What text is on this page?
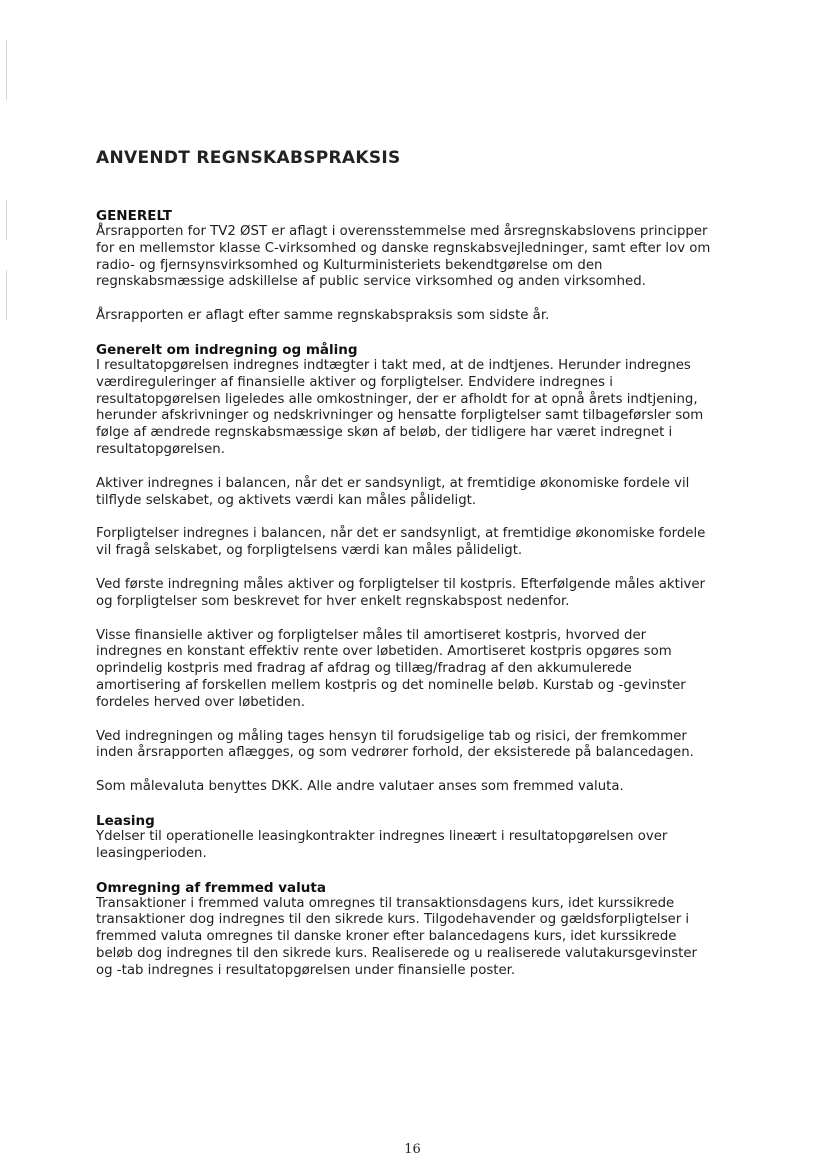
ANVENDT REGNSKABSPRAKSIS
GENERELT

Årsrapporten for TV2 ØST er aflagt i overensstemmelse med årsregnskabslovens principper
for en mellemstor klasse C-virksomhed og danske regnskabsvejledninger, samt efter lov om
radio- og fjernsynsvirksomhed og Kulturministeriets bekendtgørelse om den
regnskabsmæssige adskillelse af public service virksomhed og anden virksomhed.

Årsrapporten er aflagt efter samme regnskabspraksis som sidste år.

Generelt om indregning og måling

I resultatopgørelsen indregnes indtægter i takt med, at de indtjenes. Herunder indregnes
værdireguleringer af finansielle aktiver og forpligtelser. Endvidere indregnes i
resultatopgørelsen ligeledes alle omkostninger, der er afholdt for at opnå årets indtjening,
herunder afskrivninger og nedskrivninger og hensatte forpligtelser samt tilbageførsler som
følge af ændrede regnskabsmæssige skøn af beløb, der tidligere har været indregnet i
resultatopgørelsen.

Aktiver indregnes i balancen, når det er sandsynligt, at fremtidige økonomiske fordele vil
tilflyde selskabet, og aktivets værdi kan måles pålideligt.

Forpligtelser indregnes i balancen, når det er sandsynligt, at fremtidige økonomiske fordele
vil fragå selskabet, og forpligtelsens værdi kan måles pålideligt.

Ved første indregning måles aktiver og forpligtelser til kostpris. Efterfølgende måles aktiver
og forpligtelser som beskrevet for hver enkelt regnskabspost nedenfor.

Visse finansielle aktiver og forpligtelser måles til amortiseret kostpris, hvorved der
indregnes en konstant effektiv rente over løbetiden. Amortiseret kostpris opgøres som
oprindelig kostpris med fradrag af afdrag og tillæg/fradrag af den akkumulerede
amortisering af forskellen mellem kostpris og det nominelle beløb. Kurstab og -gevinster
fordeles herved over løbetiden.

Ved indregningen og måling tages hensyn til forudsigelige tab og risici, der fremkommer
inden årsrapporten aflægges, og som vedrører forhold, der eksisterede på balancedagen.

Som målevaluta benyttes DKK. Alle andre valutaer anses som fremmed valuta.

Leasing

Ydelser til operationelle leasingkontrakter indregnes lineært i resultatopgørelsen over
leasingperioden.

Omregning af fremmed valuta

Transaktioner i fremmed valuta omregnes til transaktionsdagens kurs, idet kurssikrede
transaktioner dog indregnes til den sikrede kurs. Tilgodehavender og gældsforpligtelser i
fremmed valuta omregnes til danske kroner efter balancedagens kurs, idet kurssikrede
beløb dog indregnes til den sikrede kurs. Realiserede og u realiserede valutakursgevinster
og -tab indregnes i resultatopgørelsen under finansielle poster.

16
